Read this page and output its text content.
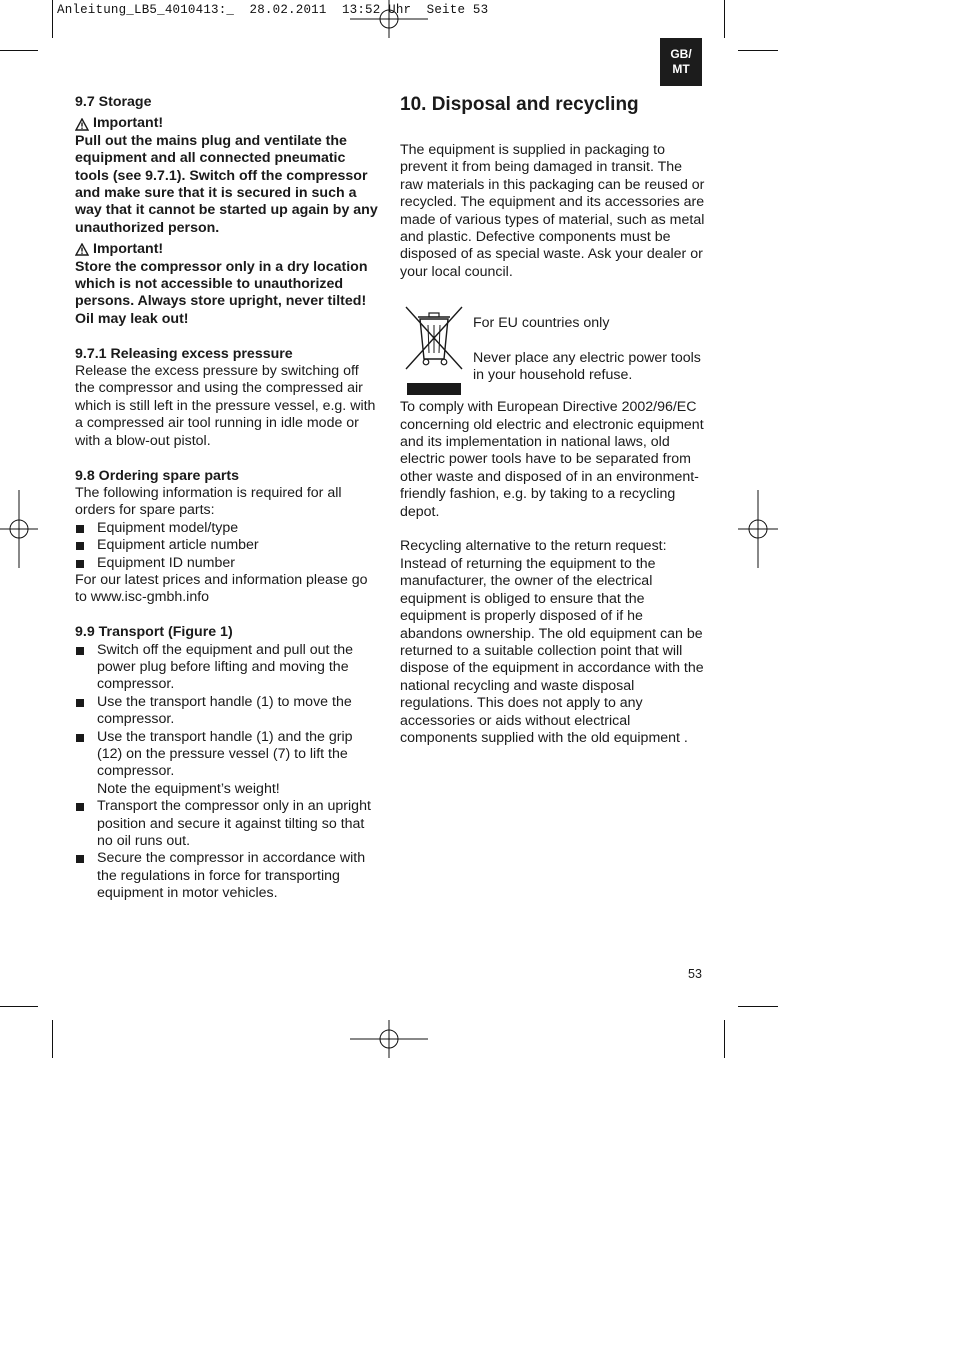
Anleitung_LB5_4010413:_  28.02.2011  13:52 Uhr  Seite 53
GB/
MT

9.7 Storage

Important!

Pull out the mains plug and ventilate the equipment and all connected pneumatic tools (see 9.7.1). Switch off the compressor and make sure that it is secured in such a way that it cannot be started up again by any unauthorized person.

Important!

Store the compressor only in a dry location which is not accessible to unauthorized persons. Always store upright, never tilted! Oil may leak out!

9.7.1 Releasing excess pressure

Release the excess pressure by switching off the compressor and using the compressed air which is still left in the pressure vessel, e.g. with a compressed air tool running in idle mode or with a blow-out pistol.

9.8 Ordering spare parts

The following information is required for all orders for spare parts:

Equipment model/type
Equipment article number
Equipment ID number

For our latest prices and information please go to www.isc-gmbh.info

9.9 Transport (Figure 1)

Switch off the equipment and pull out the power plug before lifting and moving the compressor.
Use the transport handle (1) to move the compressor.
Use the transport handle (1) and the grip (12) on the pressure vessel (7) to lift the compressor.
Note the equipment’s weight!
Transport the compressor only in an upright position and secure it against tilting so that no oil runs out.
Secure the compressor in accordance with the regulations in force for transporting equipment in motor vehicles.
10. Disposal and recycling

The equipment is supplied in packaging to prevent it from being damaged in transit. The raw materials in this packaging can be reused or recycled. The equipment and its accessories are made of various types of material, such as metal and plastic. Defective components must be disposed of as special waste. Ask your dealer or your local council.

For EU countries only

Never place any electric power tools in your household refuse.

To comply with European Directive 2002/96/EC concerning old electric and electronic equipment and its implementation in national laws, old electric power tools have to be separated from other waste and disposed of in an environment-friendly fashion, e.g. by taking to a recycling depot.

Recycling alternative to the return request:

Instead of returning the equipment to the manufacturer, the owner of the electrical equipment is obliged to ensure that the equipment is properly disposed of if he abandons ownership. The old equipment can be returned to a suitable collection point that will dispose of the equipment in accordance with the national recycling and waste disposal regulations. This does not apply to any accessories or aids without electrical components supplied with the old equipment .

53
